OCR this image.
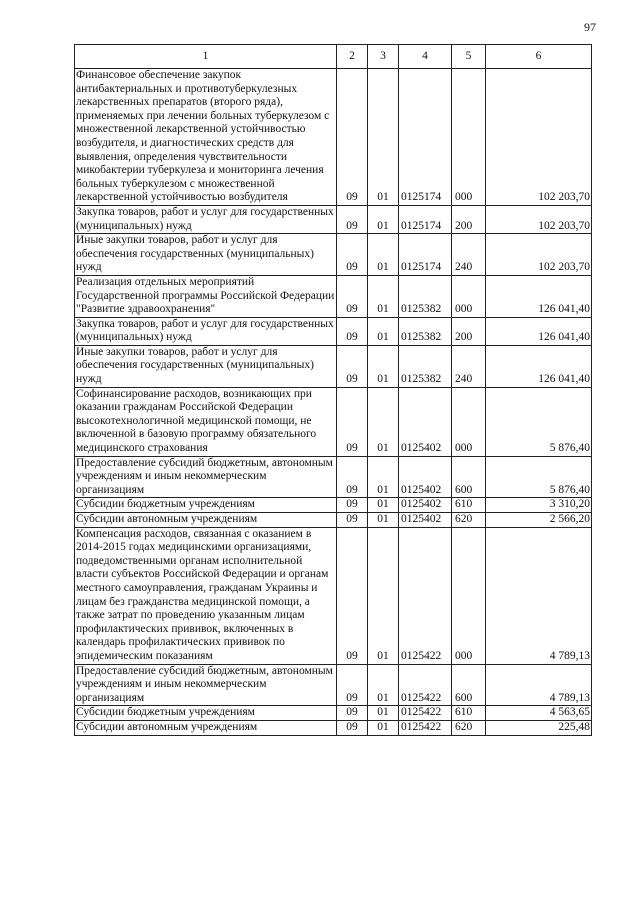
97
1	2	3	4	5	6
Финансовое обеспечение закупок антибактериальных и противотуберкулезных лекарственных препаратов (второго ряда), применяемых при лечении больных туберкулезом с множественной лекарственной устойчивостью возбудителя, и диагностических средств для выявления, определения чувствительности микобактерии туберкулеза и мониторинга лечения больных туберкулезом с множественной лекарственной устойчивостью возбудителя	09	01	0125174	000	102 203,70
Закупка товаров, работ и услуг для государственных (муниципальных) нужд	09	01	0125174	200	102 203,70
Иные закупки товаров, работ и услуг для обеспечения государственных (муниципальных) нужд	09	01	0125174	240	102 203,70
Реализация отдельных мероприятий Государственной программы Российской Федерации "Развитие здравоохранения"	09	01	0125382	000	126 041,40
Закупка товаров, работ и услуг для государственных (муниципальных) нужд	09	01	0125382	200	126 041,40
Иные закупки товаров, работ и услуг для обеспечения государственных (муниципальных) нужд	09	01	0125382	240	126 041,40
Софинансирование расходов, возникающих при оказании гражданам Российской Федерации высокотехнологичной медицинской помощи, не включенной в базовую программу обязательного медицинского страхования	09	01	0125402	000	5 876,40
Предоставление субсидий бюджетным, автономным учреждениям и иным некоммерческим организациям	09	01	0125402	600	5 876,40
Субсидии бюджетным учреждениям	09	01	0125402	610	3 310,20
Субсидии автономным учреждениям	09	01	0125402	620	2 566,20
Компенсация расходов, связанная с оказанием в 2014-2015 годах медицинскими организациями, подведомственными органам исполнительной власти субъектов Российской Федерации и органам местного самоуправления, гражданам Украины и лицам без гражданства медицинской помощи, а также затрат по проведению указанным лицам профилактических прививок, включенных в календарь профилактических прививок по эпидемическим показаниям	09	01	0125422	000	4 789,13
Предоставление субсидий бюджетным, автономным учреждениям и иным некоммерческим организациям	09	01	0125422	600	4 789,13
Субсидии бюджетным учреждениям	09	01	0125422	610	4 563,65
Субсидии автономным учреждениям	09	01	0125422	620	225,48
